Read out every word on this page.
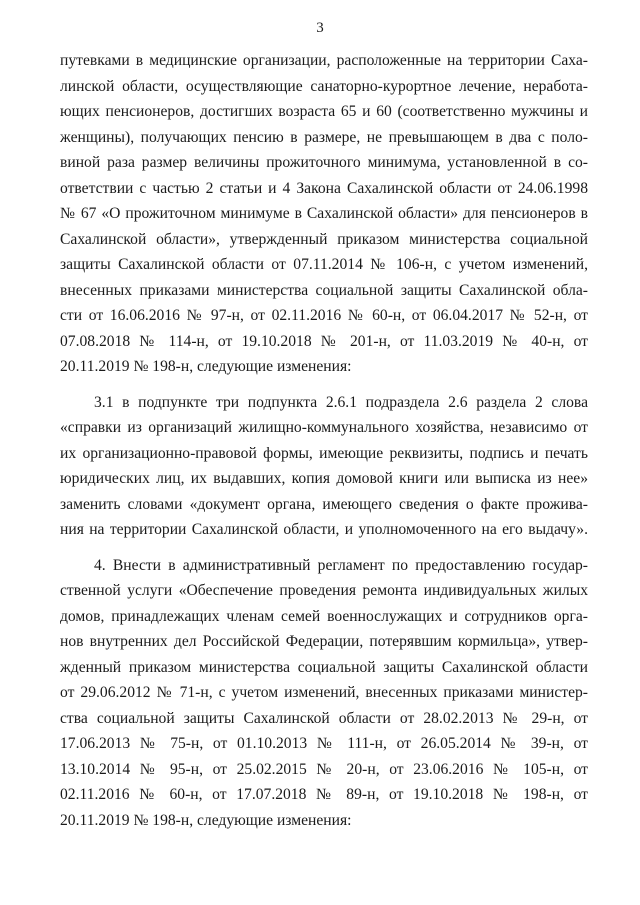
3
путевками в медицинские организации, расположенные на территории Саха-
линской области, осуществляющие санаторно-курортное лечение, неработа-
ющих пенсионеров, достигших возраста 65 и 60 (соответственно мужчины и
женщины), получающих пенсию в размере, не превышающем в два с поло-
виной раза размер величины прожиточного минимума, установленной в со-
ответствии с частью 2 статьи и 4 Закона Сахалинской области от 24.06.1998
№ 67 «О прожиточном минимуме в Сахалинской области» для пенсионеров в
Сахалинской области», утвержденный приказом министерства социальной
защиты Сахалинской области от 07.11.2014 № 106-н, с учетом изменений,
внесенных приказами министерства социальной защиты Сахалинской обла-
сти от 16.06.2016 № 97-н, от 02.11.2016 № 60-н, от 06.04.2017 № 52-н, от
07.08.2018 № 114-н, от 19.10.2018 № 201-н, от 11.03.2019 № 40-н, от
20.11.2019 № 198-н, следующие изменения:
3.1 в подпункте три подпункта 2.6.1 подраздела 2.6 раздела 2 слова
«справки из организаций жилищно-коммунального хозяйства, независимо от
их организационно-правовой формы, имеющие реквизиты, подпись и печать
юридических лиц, их выдавших, копия домовой книги или выписка из нее»
заменить словами «документ органа, имеющего сведения о факте прожива-
ния на территории Сахалинской области, и уполномоченного на его выдачу».
4. Внести в административный регламент по предоставлению государ-
ственной услуги «Обеспечение проведения ремонта индивидуальных жилых
домов, принадлежащих членам семей военнослужащих и сотрудников орга-
нов внутренних дел Российской Федерации, потерявшим кормильца», утвер-
жденный приказом министерства социальной защиты Сахалинской области
от 29.06.2012 № 71-н, с учетом изменений, внесенных приказами министер-
ства социальной защиты Сахалинской области от 28.02.2013 № 29-н, от
17.06.2013 № 75-н, от 01.10.2013 № 111-н, от 26.05.2014 № 39-н, от
13.10.2014 № 95-н, от 25.02.2015 № 20-н, от 23.06.2016 № 105-н, от
02.11.2016 № 60-н, от 17.07.2018 № 89-н, от 19.10.2018 № 198-н, от
20.11.2019 № 198-н, следующие изменения:
